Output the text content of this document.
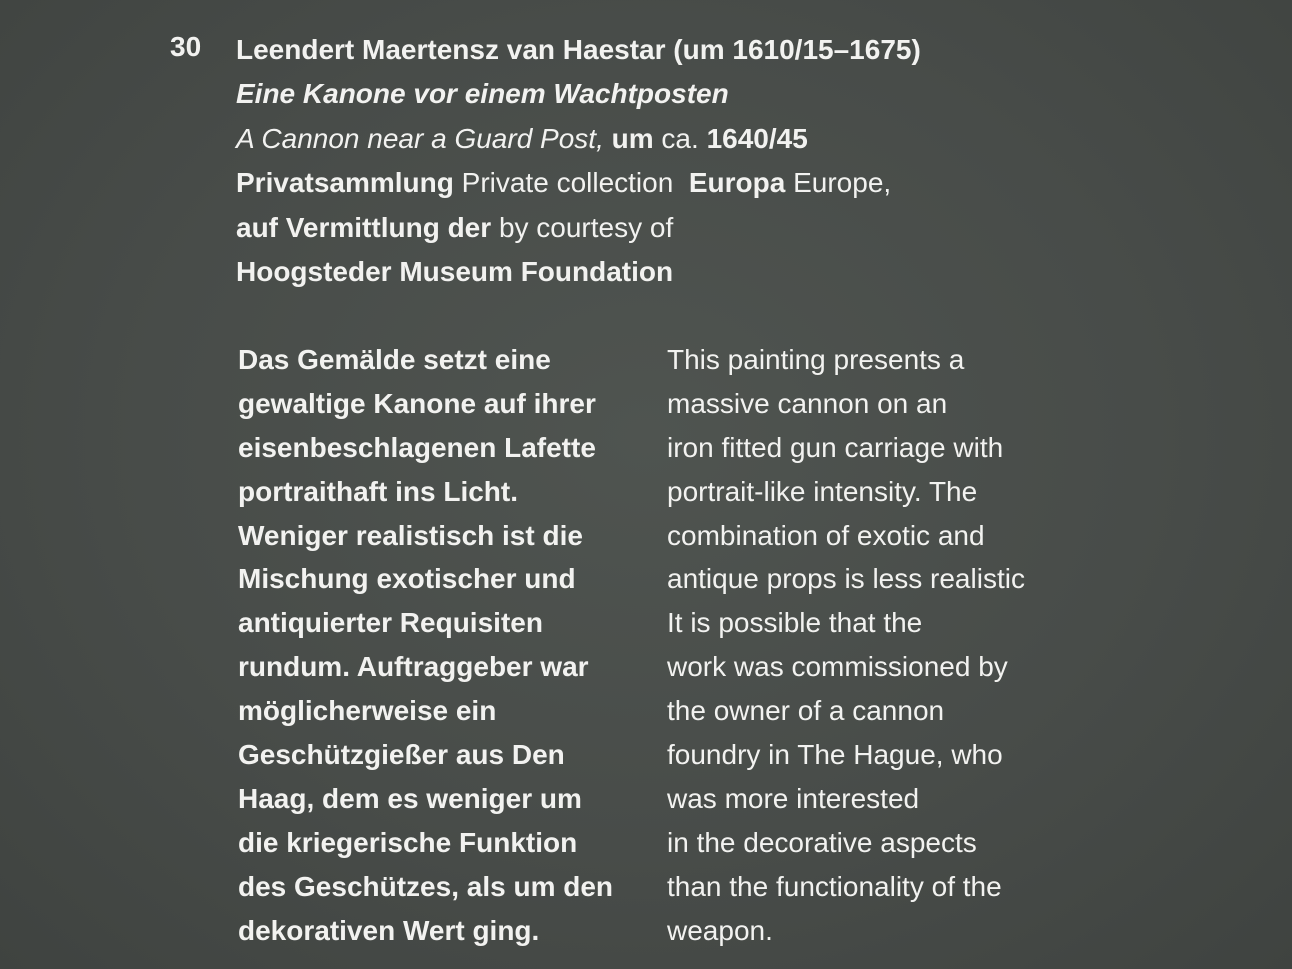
30 Leendert Maertensz van Haestar (um 1610/15–1675)
Eine Kanone vor einem Wachtposten
A Cannon near a Guard Post, um ca. 1640/45
Privatsammlung Private collection Europa Europe,
auf Vermittlung der by courtesy of
Hoogsteder Museum Foundation
Das Gemälde setzt eine
gewaltige Kanone auf ihrer
eisenbeschlagenen Lafette
portraithaft ins Licht.
Weniger realistisch ist die
Mischung exotischer und
antiquierter Requisiten
rundum. Auftraggeber war
möglicherweise ein
Geschützgießer aus Den
Haag, dem es weniger um
die kriegerische Funktion
des Geschützes, als um den
dekorativen Wert ging.
This painting presents a
massive cannon on an
iron fitted gun carriage with
portrait-like intensity. The
combination of exotic and
antique props is less realistic
It is possible that the
work was commissioned by
the owner of a cannon
foundry in The Hague, who
was more interested
in the decorative aspects
than the functionality of the
weapon.
